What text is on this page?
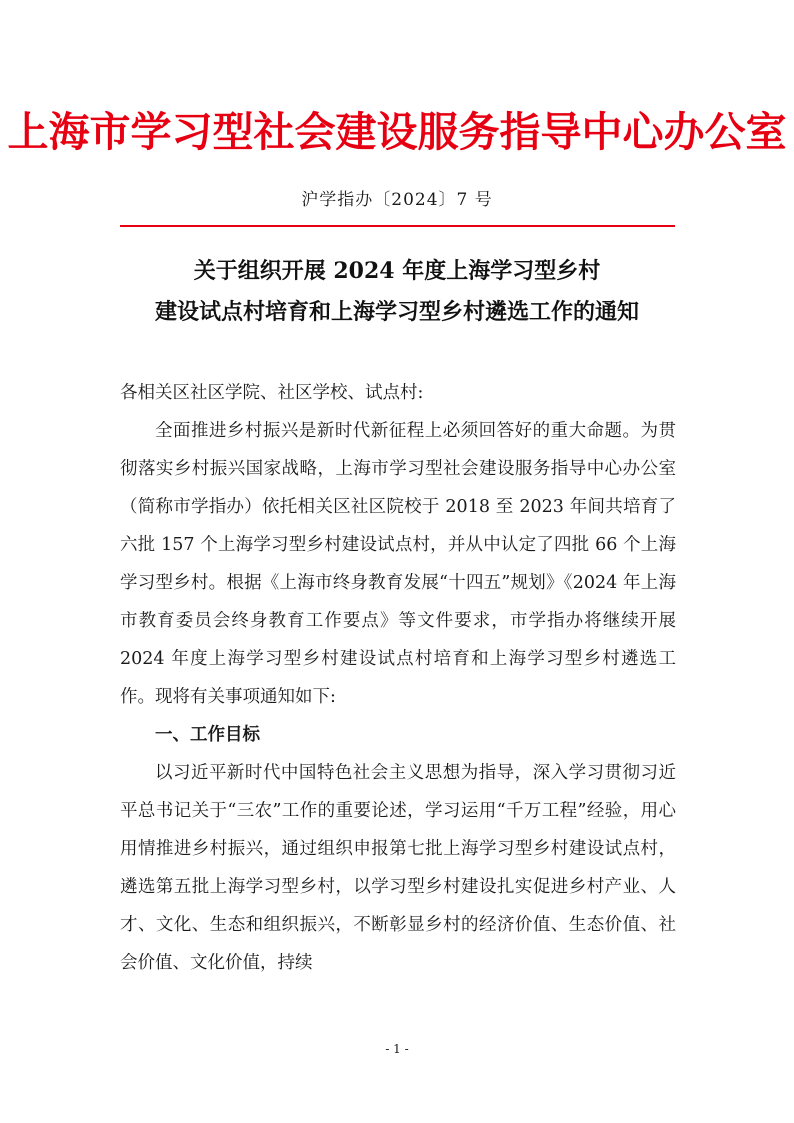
上海市学习型社会建设服务指导中心办公室
沪学指办〔2024〕7 号
关于组织开展 2024 年度上海学习型乡村
建设试点村培育和上海学习型乡村遴选工作的通知

各相关区社区学院、社区学校、试点村:

全面推进乡村振兴是新时代新征程上必须回答好的重大命题。为贯彻落实乡村振兴国家战略，上海市学习型社会建设服务指导中心办公室（简称市学指办）依托相关区社区院校于 2018 至 2023 年间共培育了六批 157 个上海学习型乡村建设试点村，并从中认定了四批 66 个上海学习型乡村。根据《上海市终身教育发展“十四五”规划》《2024 年上海市教育委员会终身教育工作要点》等文件要求，市学指办将继续开展 2024 年度上海学习型乡村建设试点村培育和上海学习型乡村遴选工作。现将有关事项通知如下:

一、工作目标

以习近平新时代中国特色社会主义思想为指导，深入学习贯彻习近平总书记关于“三农”工作的重要论述，学习运用“千万工程”经验，用心用情推进乡村振兴，通过组织申报第七批上海学习型乡村建设试点村，遴选第五批上海学习型乡村，以学习型乡村建设扎实促进乡村产业、人才、文化、生态和组织振兴，不断彰显乡村的经济价值、生态价值、社会价值、文化价值，持续

- 1 -
